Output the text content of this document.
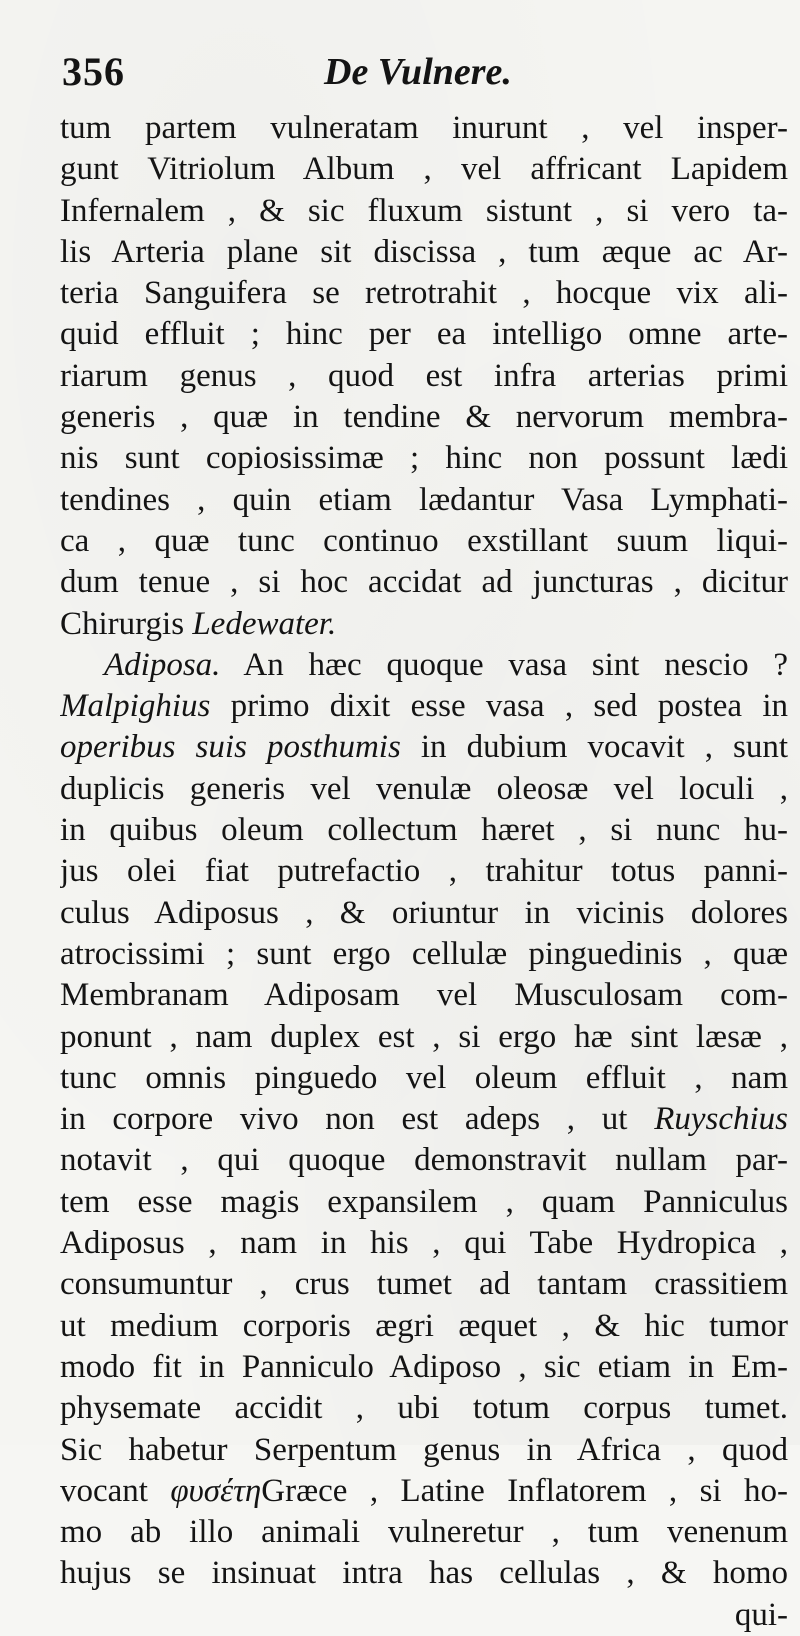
356	De Vulnere.
tum partem vulneratam inurunt , vel insper-
gunt Vitriolum Album , vel affricant Lapidem
Infernalem , & sic fluxum sistunt , si vero ta-
lis Arteria plane sit discissa , tum æque ac Ar-
teria Sanguifera se retrotrahit , hocque vix ali-
quid effluit ; hinc per ea intelligo omne arte-
riarum genus , quod est infra arterias primi
generis , quæ in tendine & nervorum membra-
nis sunt copiosissimæ ; hinc non possunt lædi
tendines , quin etiam lædantur Vasa Lymphati-
ca , quæ tunc continuo exstillant suum liqui-
dum tenue , si hoc accidat ad juncturas , dicitur
Chirurgis Ledewater.
Adiposa. An hæc quoque vasa sint nescio ?
Malpighius primo dixit esse vasa , sed postea in
operibus suis posthumis in dubium vocavit , sunt
duplicis generis vel venulæ oleosæ vel loculi ,
in quibus oleum collectum hæret , si nunc hu-
jus olei fiat putrefactio , trahitur totus panni-
culus Adiposus , & oriuntur in vicinis dolores
atrocissimi ; sunt ergo cellulæ pinguedinis , quæ
Membranam Adiposam vel Musculosam com-
ponunt , nam duplex est , si ergo hæ sint læsæ ,
tunc omnis pinguedo vel oleum effluit , nam
in corpore vivo non est adeps , ut Ruyschius
notavit , qui quoque demonstravit nullam par-
tem esse magis expansilem , quam Panniculus
Adiposus , nam in his , qui Tabe Hydropica ,
consumuntur , crus tumet ad tantam crassitiem
ut medium corporis ægri æquet , & hic tumor
modo fit in Panniculo Adiposo , sic etiam in Em-
physemate accidit , ubi totum corpus tumet.
Sic habetur Serpentum genus in Africa , quod
vocant φυσέτηGræce , Latine Inflatorem , si ho-
mo ab illo animali vulneretur , tum venenum
hujus se insinuat intra has cellulas , & homo
qui-
